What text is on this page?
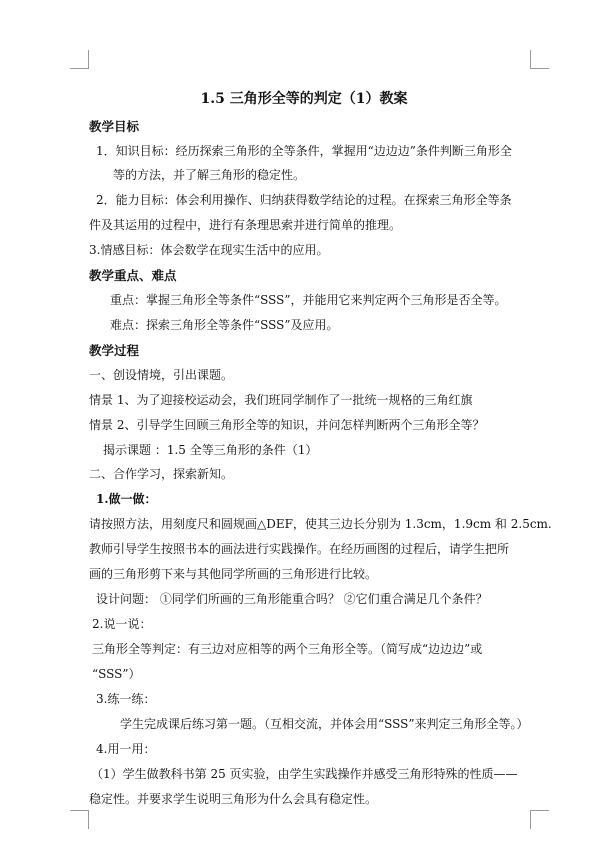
1.5 三角形全等的判定（1）教案
教学目标
1．知识目标：经历探索三角形的全等条件，掌握用“边边边”条件判断三角形全
等的方法，并了解三角形的稳定性。
2．能力目标：体会利用操作、归纳获得数学结论的过程。在探索三角形全等条
件及其运用的过程中，进行有条理思索并进行简单的推理。
3.情感目标：体会数学在现实生活中的应用。
教学重点、难点
重点：掌握三角形全等条件“SSS”，并能用它来判定两个三角形是否全等。
难点：探索三角形全等条件“SSS”及应用。
教学过程
一、创设情境，引出课题。
情景 1、为了迎接校运动会，我们班同学制作了一批统一规格的三角红旗
情景 2、引导学生回顾三角形全等的知识，并问怎样判断两个三角形全等？
揭示课题 ：1.5 全等三角形的条件（1）
二、合作学习，探索新知。
1.做一做：
请按照方法，用刻度尺和圆规画△DEF，使其三边长分别为 1.3cm，1.9cm 和 2.5cm.
教师引导学生按照书本的画法进行实践操作。在经历画图的过程后，请学生把所
画的三角形剪下来与其他同学所画的三角形进行比较。
设计问题： ①同学们所画的三角形能重合吗？ ②它们重合满足几个条件？
2.说一说：
三角形全等判定：有三边对应相等的两个三角形全等。（简写成“边边边”或
“SSS”）
3.练一练：
学生完成课后练习第一题。（互相交流，并体会用“SSS”来判定三角形全等。）
4.用一用：
（1）学生做教科书第 25 页实验，由学生实践操作并感受三角形特殊的性质——
稳定性。并要求学生说明三角形为什么会具有稳定性。
